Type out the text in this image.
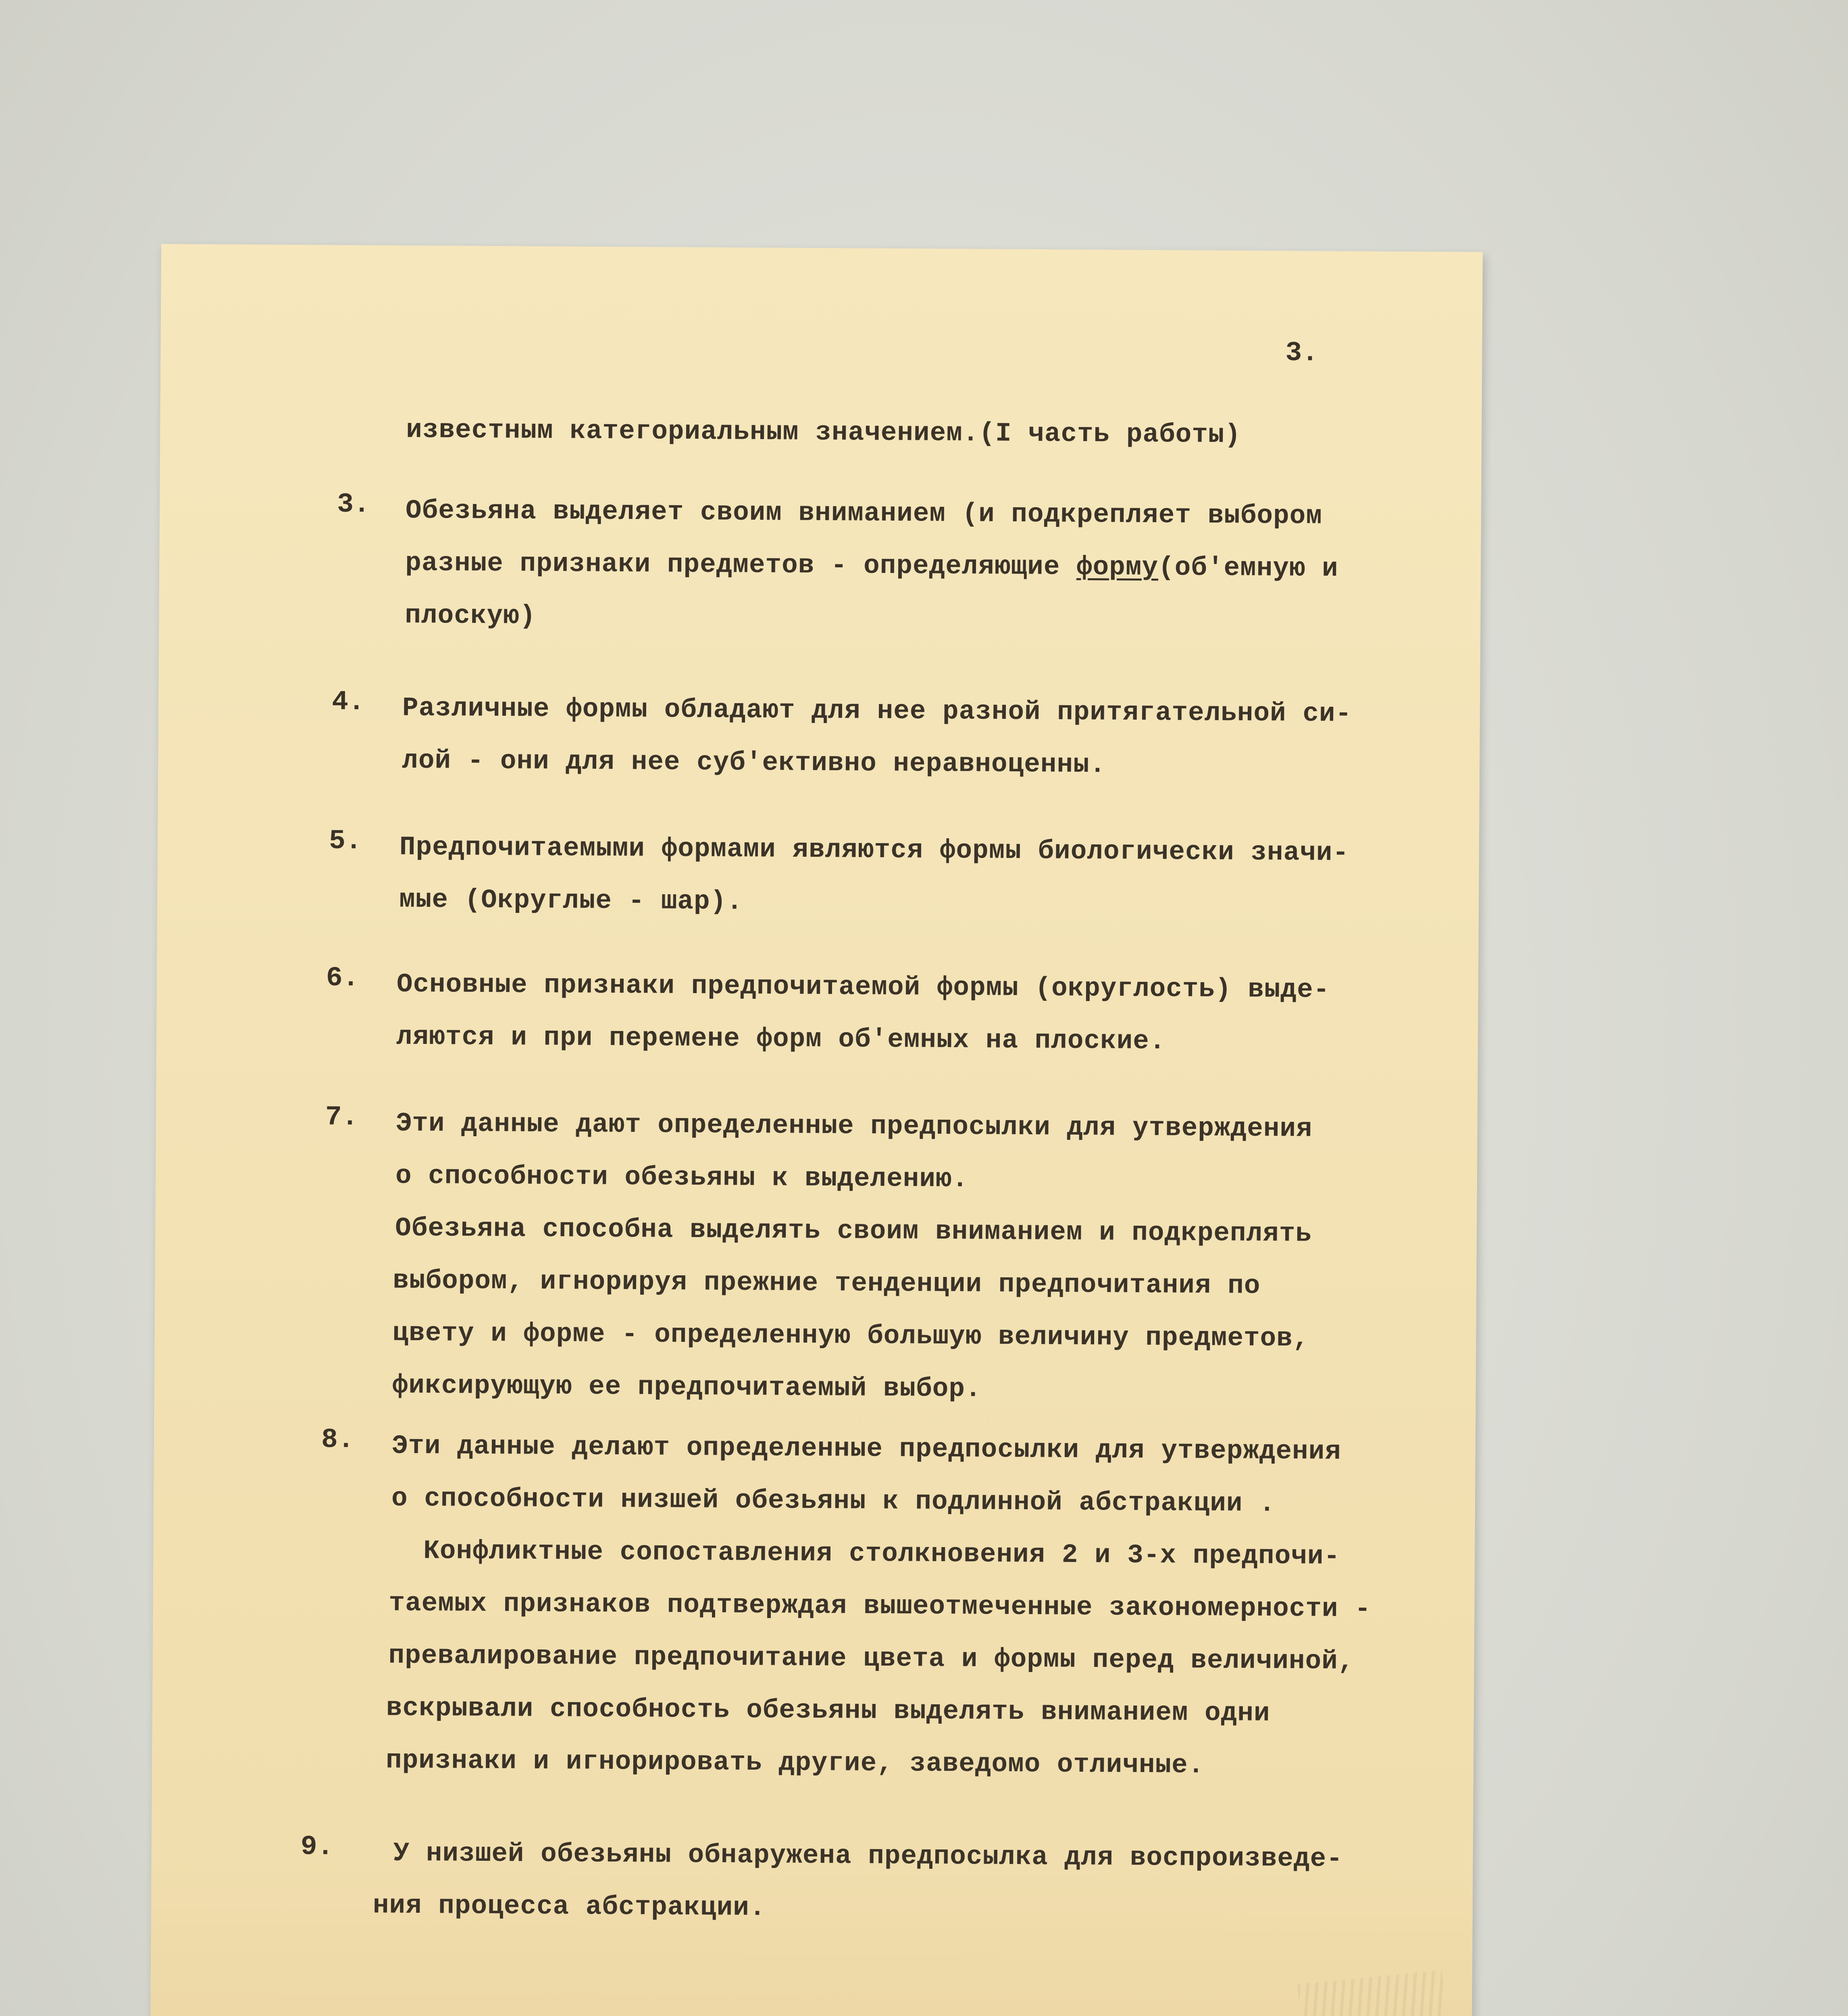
3.
известным категориальным значением.(I часть работы)
3. Обезьяна выделяет своим вниманием (и подкрепляет выбором
разные признаки предметов - определяющие форму(об'емную и
плоскую)
4. Различные формы обладают для нее разной притягательной си-
лой - они для нее суб'ективно неравноценны.
5. Предпочитаемыми формами являются формы биологически значи-
мые (Округлые - шар).
6. Основные признаки предпочитаемой формы (округлость) выде-
ляются и при перемене форм об'емных на плоские.
7. Эти данные дают определенные предпосылки для утверждения
о способности обезьяны к выделению.
Обезьяна способна выделять своим вниманием и подкреплять
выбором, игнорируя прежние тенденции предпочитания по
цвету и форме - определенную большую величину предметов,
фиксирующую ее предпочитаемый выбор.
8. Эти данные делают определенные предпосылки для утверждения
о способности низшей обезьяны к подлинной абстракции .
Конфликтные сопоставления столкновения 2 и 3-х предпочи-
таемых признаков подтверждая вышеотмеченные закономерности -
превалирование предпочитание цвета и формы перед величиной,
вскрывали способность обезьяны выделять вниманием одни
признаки и игнорировать другие, заведомо отличные.
9. У низшей обезьяны обнаружена предпосылка для воспроизведе-
ния процесса абстракции.
